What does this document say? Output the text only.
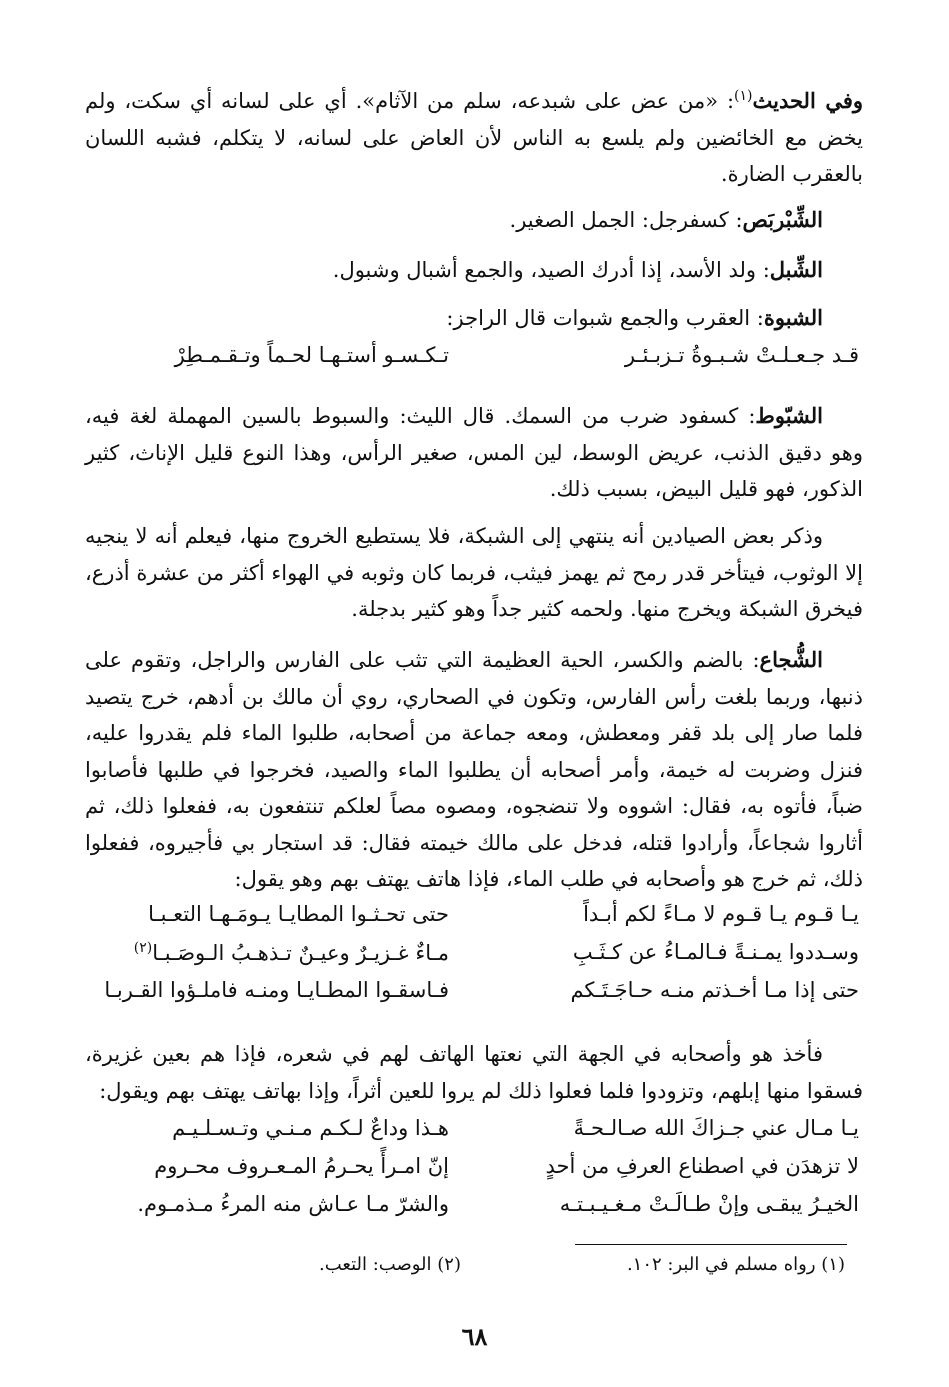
وفي الحديث$^{(١)}$: «من عض على شبدعه، سلم من الآثام». أي على لسانه أي سكت، ولم يخض مع الخائضين ولم يلسع به الناس لأن العاض على لسانه، لا يتكلم، فشبه اللسان بالعقرب الضارة.

الشِّبْربَص: كسفرجل: الجمل الصغير.

الشِّبل: ولد الأسد، إذا أدرك الصيد، والجمع أشبال وشبول.

الشبوة: العقرب والجمع شبوات قال الراجز:

قـد جـعـلـتْ شـبـوةُ تـزبـئـر
تـكـسـو أستـهـا لحـماً وتـقـمـطِرْ

الشبّوط: كسفود ضرب من السمك. قال الليث: والسبوط بالسين المهملة لغة فيه، وهو دقيق الذنب، عريض الوسط، لين المس، صغير الرأس، وهذا النوع قليل الإناث، كثير الذكور، فهو قليل البيض، بسبب ذلك.

وذكر بعض الصيادين أنه ينتهي إلى الشبكة، فلا يستطيع الخروج منها، فيعلم أنه لا ينجيه إلا الوثوب، فيتأخر قدر رمح ثم يهمز فيثب، فربما كان وثوبه في الهواء أكثر من عشرة أذرع، فيخرق الشبكة ويخرج منها. ولحمه كثير جداً وهو كثير بدجلة.

الشُّجاع: بالضم والكسر، الحية العظيمة التي تثب على الفارس والراجل، وتقوم على ذنبها، وربما بلغت رأس الفارس، وتكون في الصحاري، روي أن مالك بن أدهم، خرج يتصيد فلما صار إلى بلد قفر ومعطش، ومعه جماعة من أصحابه، طلبوا الماء فلم يقدروا عليه، فنزل وضربت له خيمة، وأمر أصحابه أن يطلبوا الماء والصيد، فخرجوا في طلبها فأصابوا ضباً، فأتوه به، فقال: اشووه ولا تنضجوه، ومصوه مصاً لعلكم تنتفعون به، ففعلوا ذلك، ثم أثاروا شجاعاً، وأرادوا قتله، فدخل على مالك خيمته فقال: قد استجار بي فأجيروه، ففعلوا ذلك، ثم خرج هو وأصحابه في طلب الماء، فإذا هاتف يهتف بهم وهو يقول:

يـا قـوم يـا قـوم لا مـاءً لكم أبـداً
حتى تحـثـوا المطايـا يـومَـهـا التعـبـا
وسـددوا يمـنـةً فـالمـاءُ عن كـثَـبِ
مـاءٌ غـزيـرٌ وعيـنٌ تـذهـبُ الـوصَـبـا$^{(٢)}$
حتى إذا مـا أخـذتم منـه حـاجَـتَـكم
فـاسقـوا المطـايـا ومنـه فاملـؤوا القـربـا

فأخذ هو وأصحابه في الجهة التي نعتها الهاتف لهم في شعره، فإذا هم بعين غزيرة، فسقوا منها إبلهم، وتزودوا فلما فعلوا ذلك لم يروا للعين أثراً، وإذا بهاتف يهتف بهم ويقول:

يـا مـال عني جـزاكَ الله صـالـحـةً
هـذا وداعٌ لـكـم مـنـي وتـسـلـيـم
لا تزهدَن في اصطناع العرفِ من أحدٍ
إنّ امـرأً يحـرمُ المـعـروف محـروم
الخيـرُ يبقـى وإنْ طـالَـتْ مـغـيـبـتـه
والشرّ مـا عـاش منه المرءُ مـذمـوم.
(١) رواه مسلم في البر: ١٠٢.
(٢) الوصب: التعب.
٦٨
